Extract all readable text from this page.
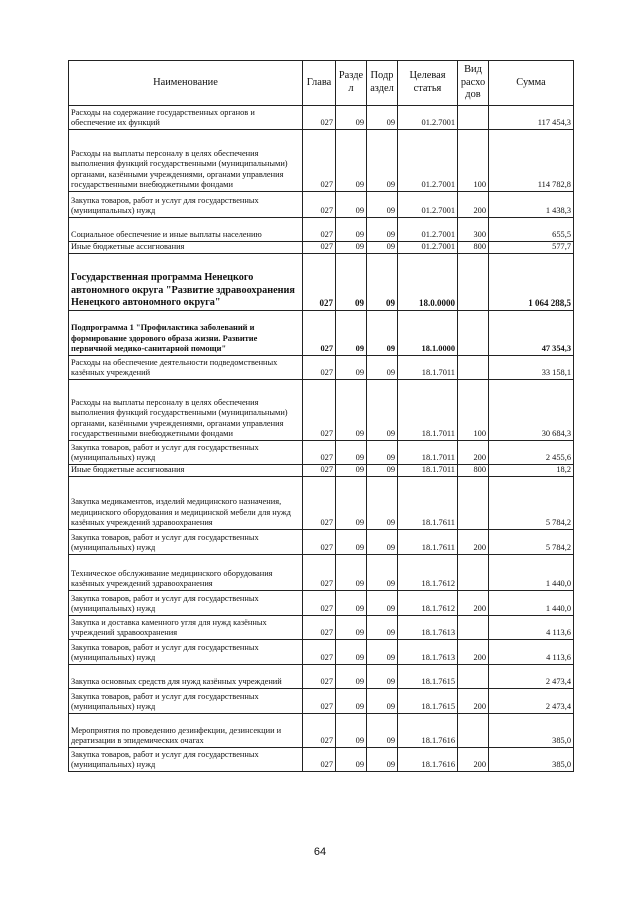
Наименование	Глава	Разде л	Подр аздел	Целевая статья	Вид расхо дов	Сумма
Расходы на содержание государственных органов и обеспечение их функций	027	09	09	01.2.7001		117 454,3
Расходы на выплаты персоналу в целях обеспечения выполнения функций государственными (муниципальными) органами, казёнными учреждениями, органами управления государственными внебюджетными фондами	027	09	09	01.2.7001	100	114 782,8
Закупка товаров, работ и услуг для государственных (муниципальных) нужд	027	09	09	01.2.7001	200	1 438,3
Социальное обеспечение и иные выплаты населению	027	09	09	01.2.7001	300	655,5
Иные бюджетные ассигнования	027	09	09	01.2.7001	800	577,7
Государственная программа Ненецкого автономного округа "Развитие здравоохранения Ненецкого автономного округа"	027	09	09	18.0.0000		1 064 288,5
Подпрограмма 1 "Профилактика заболеваний и формирование здорового образа жизни. Развитие первичной медико-санитарной помощи"	027	09	09	18.1.0000		47 354,3
Расходы на обеспечение деятельности подведомственных казённых учреждений	027	09	09	18.1.7011		33 158,1
Расходы на выплаты персоналу в целях обеспечения выполнения функций государственными (муниципальными) органами, казёнными учреждениями, органами управления государственными внебюджетными фондами	027	09	09	18.1.7011	100	30 684,3
Закупка товаров, работ и услуг для государственных (муниципальных) нужд	027	09	09	18.1.7011	200	2 455,6
Иные бюджетные ассигнования	027	09	09	18.1.7011	800	18,2
Закупка медикаментов, изделий медицинского назначения, медицинского оборудования и медицинской мебели для нужд казённых учреждений здравоохранения	027	09	09	18.1.7611		5 784,2
Закупка товаров, работ и услуг для государственных (муниципальных) нужд	027	09	09	18.1.7611	200	5 784,2
Техническое обслуживание медицинского оборудования казённых учреждений здравоохранения	027	09	09	18.1.7612		1 440,0
Закупка товаров, работ и услуг для государственных (муниципальных) нужд	027	09	09	18.1.7612	200	1 440,0
Закупка и доставка каменного угля для нужд казённых учреждений здравоохранения	027	09	09	18.1.7613		4 113,6
Закупка товаров, работ и услуг для государственных (муниципальных) нужд	027	09	09	18.1.7613	200	4 113,6
Закупка основных средств для нужд казённых учреждений	027	09	09	18.1.7615		2 473,4
Закупка товаров, работ и услуг для государственных (муниципальных) нужд	027	09	09	18.1.7615	200	2 473,4
Мероприятия по проведению дезинфекции, дезинсекции и дератизации в эпидемических очагах	027	09	09	18.1.7616		385,0
Закупка товаров, работ и услуг для государственных (муниципальных) нужд	027	09	09	18.1.7616	200	385,0
64
